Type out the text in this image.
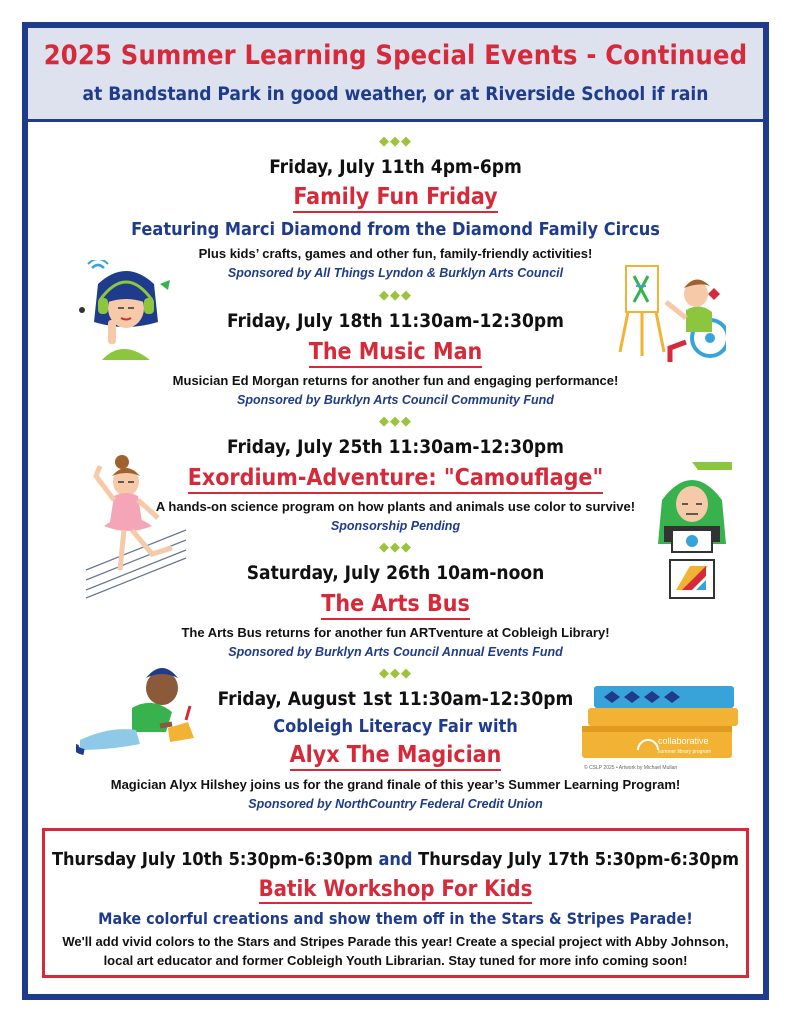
2025 Summer Learning Special Events - Continued
at Bandstand Park in good weather, or at Riverside School if rain
◆◆◆
Friday, July 11th 4pm-6pm
Family Fun Friday
Featuring Marci Diamond from the Diamond Family Circus
Plus kids’ crafts, games and other fun, family-friendly activities!
Sponsored by All Things Lyndon & Burklyn Arts Council
◆◆◆
Friday, July 18th 11:30am-12:30pm
The Music Man
Musician Ed Morgan returns for another fun and engaging performance!
Sponsored by Burklyn Arts Council Community Fund
◆◆◆
Friday, July 25th 11:30am-12:30pm
Exordium-Adventure: "Camouflage"
A hands-on science program on how plants and animals use color to survive!
Sponsorship Pending
◆◆◆
Saturday, July 26th 10am-noon
The Arts Bus
The Arts Bus returns for another fun ARTventure at Cobleigh Library!
Sponsored by Burklyn Arts Council Annual Events Fund
◆◆◆
Friday, August 1st 11:30am-12:30pm
Cobleigh Literacy Fair with
Alyx The Magician
Magician Alyx Hilshey joins us for the grand finale of this year’s Summer Learning Program!
Sponsored by NorthCountry Federal Credit Union
collaborative
summer library program
© CSLP 2025 • Artwork by Michael Mullan
Thursday July 10th 5:30pm-6:30pm and Thursday July 17th 5:30pm-6:30pm
Batik Workshop For Kids
Make colorful creations and show them off in the Stars & Stripes Parade!
We'll add vivid colors to the Stars and Stripes Parade this year! Create a special project with Abby Johnson, local art educator and former Cobleigh Youth Librarian. Stay tuned for more info coming soon!
